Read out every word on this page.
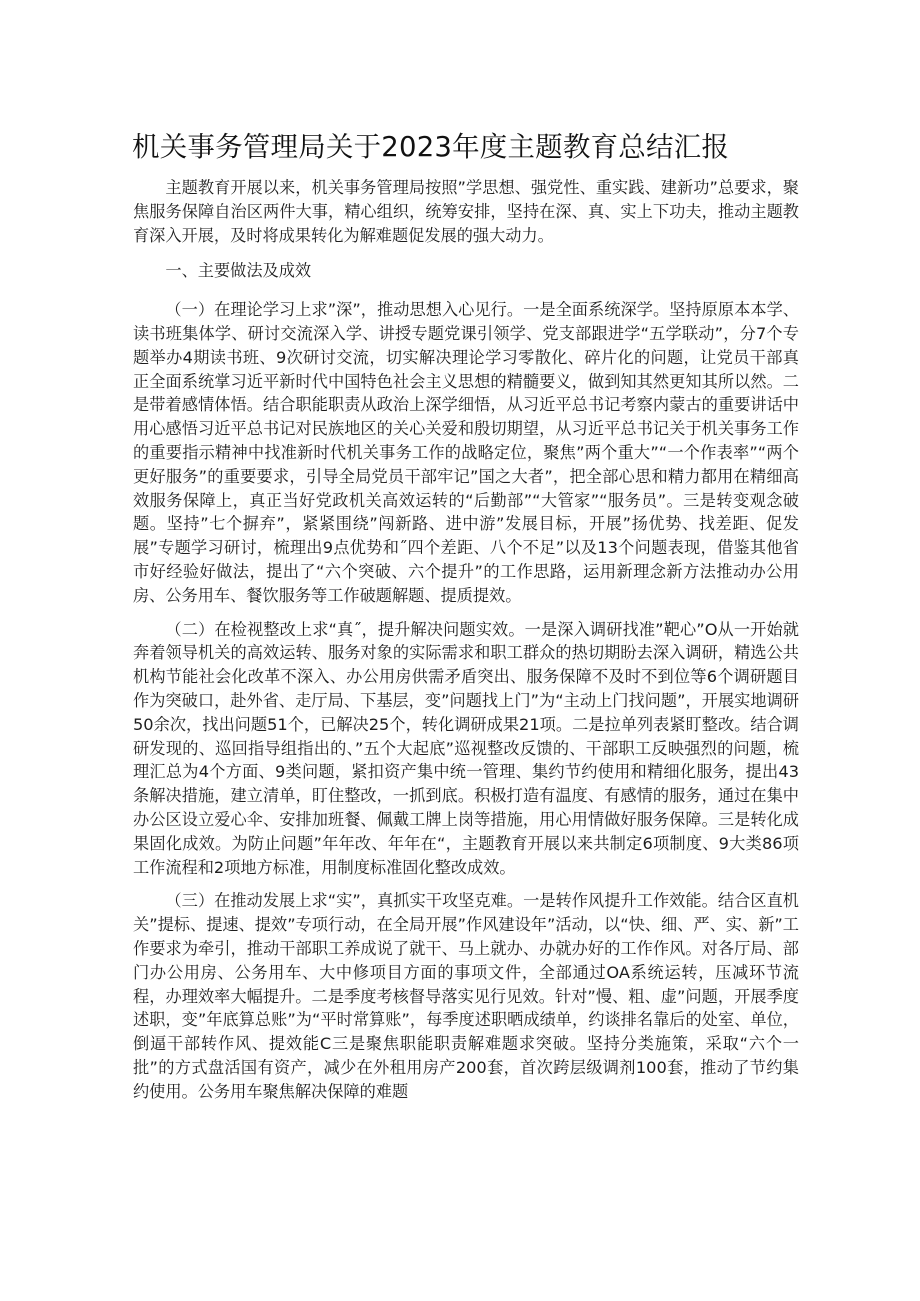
机关事务管理局关于2023年度主题教育总结汇报

主题教育开展以来，机关事务管理局按照”学思想、强党性、重实践、建新功”总要求，聚焦服务保障自治区两件大事，精心组织，统筹安排，坚持在深、真、实上下功夫，推动主题教育深入开展，及时将成果转化为解难题促发展的强大动力。

一、主要做法及成效

（一）在理论学习上求”深”，推动思想入心见行。一是全面系统深学。坚持原原本本学、读书班集体学、研讨交流深入学、讲授专题党课引领学、党支部跟进学“五学联动”，分7个专题举办4期读书班、9次研讨交流，切实解决理论学习零散化、碎片化的问题，让党员干部真正全面系统掌习近平新时代中国特色社会主义思想的精髓要义，做到知其然更知其所以然。二是带着感情体悟。结合职能职责从政治上深学细悟，从习近平总书记考察内蒙古的重要讲话中用心感悟习近平总书记对民族地区的关心关爱和殷切期望，从习近平总书记关于机关事务工作的重要指示精神中找准新时代机关事务工作的战略定位，聚焦”两个重大”“一个作表率”“两个更好服务”的重要要求，引导全局党员干部牢记”国之大者”，把全部心思和精力都用在精细高效服务保障上，真正当好党政机关高效运转的“后勤部”“大管家”“服务员”。三是转变观念破题。坚持”七个摒弃”，紧紧围绕”闯新路、进中游”发展目标，开展”扬优势、找差距、促发展”专题学习研讨，梳理出9点优势和˝四个差距、八个不足”以及13个问题表现，借鉴其他省市好经验好做法，提出了“六个突破、六个提升”的工作思路，运用新理念新方法推动办公用房、公务用车、餐饮服务等工作破题解题、提质提效。

（二）在检视整改上求“真˝，提升解决问题实效。一是深入调研找准”靶心”O从一开始就奔着领导机关的高效运转、服务对象的实际需求和职工群众的热切期盼去深入调研，精选公共机构节能社会化改革不深入、办公用房供需矛盾突出、服务保障不及时不到位等6个调研题目作为突破口，赴外省、走厅局、下基层，变”问题找上门”为“主动上门找问题”，开展实地调研50余次，找出问题51个，已解决25个，转化调研成果21项。二是拉单列表紧盯整改。结合调研发现的、巡回指导组指出的、”五个大起底”巡视整改反馈的、干部职工反映强烈的问题，梳理汇总为4个方面、9类问题，紧扣资产集中统一管理、集约节约使用和精细化服务，提出43条解决措施，建立清单，盯住整改，一抓到底。积极打造有温度、有感情的服务，通过在集中办公区设立爱心伞、安排加班餐、佩戴工牌上岗等措施，用心用情做好服务保障。三是转化成果固化成效。为防止问题”年年改、年年在“，主题教育开展以来共制定6项制度、9大类86项工作流程和2项地方标准，用制度标准固化整改成效。

（三）在推动发展上求“实”，真抓实干攻坚克难。一是转作风提升工作效能。结合区直机关”提标、提速、提效”专项行动，在全局开展”作风建设年”活动，以“快、细、严、实、新”工作要求为牵引，推动干部职工养成说了就干、马上就办、办就办好的工作作风。对各厅局、部门办公用房、公务用车、大中修项目方面的事项文件，全部通过OA系统运转，压减环节流程，办理效率大幅提升。二是季度考核督导落实见行见效。针对”慢、粗、虚”问题，开展季度述职，变”年底算总账”为“平时常算账”，每季度述职晒成绩单，约谈排名靠后的处室、单位，倒逼干部转作风、提效能C三是聚焦职能职责解难题求突破。坚持分类施策，采取“六个一批”的方式盘活国有资产，减少在外租用房产200套，首次跨层级调剂100套，推动了节约集约使用。公务用车聚焦解决保障的难题
